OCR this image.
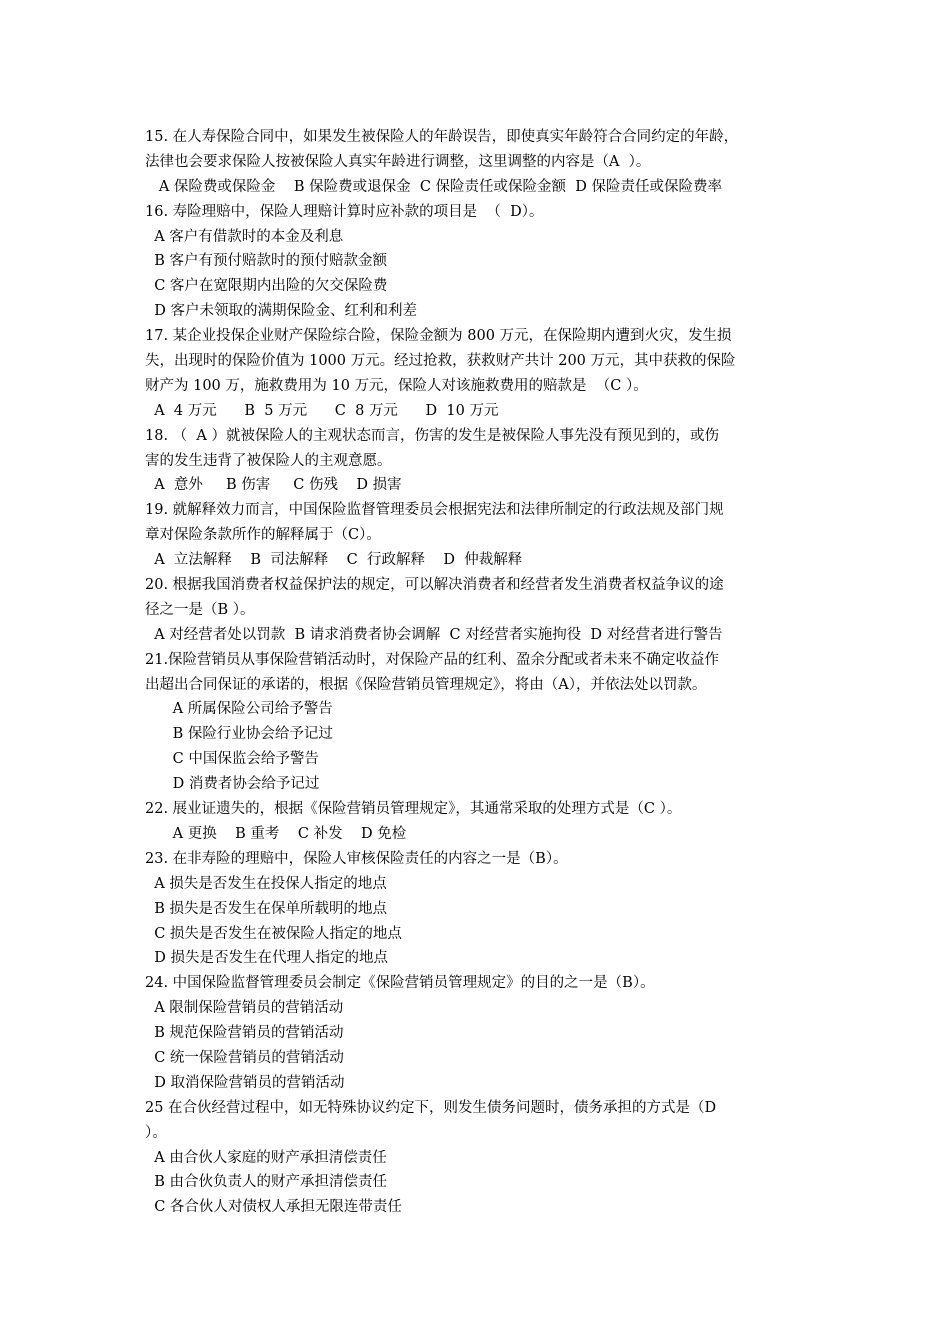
15. 在人寿保险合同中，如果发生被保险人的年龄误告，即使真实年龄符合合同约定的年龄，
法律也会要求保险人按被保险人真实年龄进行调整，这里调整的内容是（A  ）。
A 保险费或保险金    B 保险费或退保金  C 保险责任或保险金额  D 保险责任或保险费率
16. 寿险理赔中，保险人理赔计算时应补款的项目是  （  D）。
A 客户有借款时的本金及利息
B 客户有预付赔款时的预付赔款金额
C 客户在宽限期内出险的欠交保险费
D 客户未领取的满期保险金、红利和利差
17. 某企业投保企业财产保险综合险，保险金额为 800 万元，在保险期内遭到火灾，发生损
失，出现时的保险价值为 1000 万元。经过抢救，获救财产共计 200 万元，其中获救的保险
财产为 100 万，施救费用为 10 万元，保险人对该施救费用的赔款是  （C ）。
A  4 万元      B  5 万元      C  8 万元      D  10 万元
18. （  A ）就被保险人的主观状态而言，伤害的发生是被保险人事先没有预见到的，或伤
害的发生违背了被保险人的主观意愿。
A  意外     B 伤害     C 伤残    D 损害
19. 就解释效力而言，中国保险监督管理委员会根据宪法和法律所制定的行政法规及部门规
章对保险条款所作的解释属于（C）。
A  立法解释    B  司法解释    C  行政解释    D  仲裁解释
20. 根据我国消费者权益保护法的规定，可以解决消费者和经营者发生消费者权益争议的途
径之一是（B ）。
A 对经营者处以罚款  B 请求消费者协会调解  C 对经营者实施拘役  D 对经营者进行警告
21.保险营销员从事保险营销活动时，对保险产品的红利、盈余分配或者未来不确定收益作
出超出合同保证的承诺的，根据《保险营销员管理规定》，将由（A），并依法处以罚款。
A 所属保险公司给予警告
B 保险行业协会给予记过
C 中国保监会给予警告
D 消费者协会给予记过
22. 展业证遗失的，根据《保险营销员管理规定》，其通常采取的处理方式是（C ）。
A 更换    B 重考    C 补发    D 免检
23. 在非寿险的理赔中，保险人审核保险责任的内容之一是（B）。
A 损失是否发生在投保人指定的地点
B 损失是否发生在保单所载明的地点
C 损失是否发生在被保险人指定的地点
D 损失是否发生在代理人指定的地点
24. 中国保险监督管理委员会制定《保险营销员管理规定》的目的之一是（B）。
A 限制保险营销员的营销活动
B 规范保险营销员的营销活动
C 统一保险营销员的营销活动
D 取消保险营销员的营销活动
25 在合伙经营过程中，如无特殊协议约定下，则发生债务问题时，债务承担的方式是（D
）。
A 由合伙人家庭的财产承担清偿责任
B 由合伙负责人的财产承担清偿责任
C 各合伙人对债权人承担无限连带责任
